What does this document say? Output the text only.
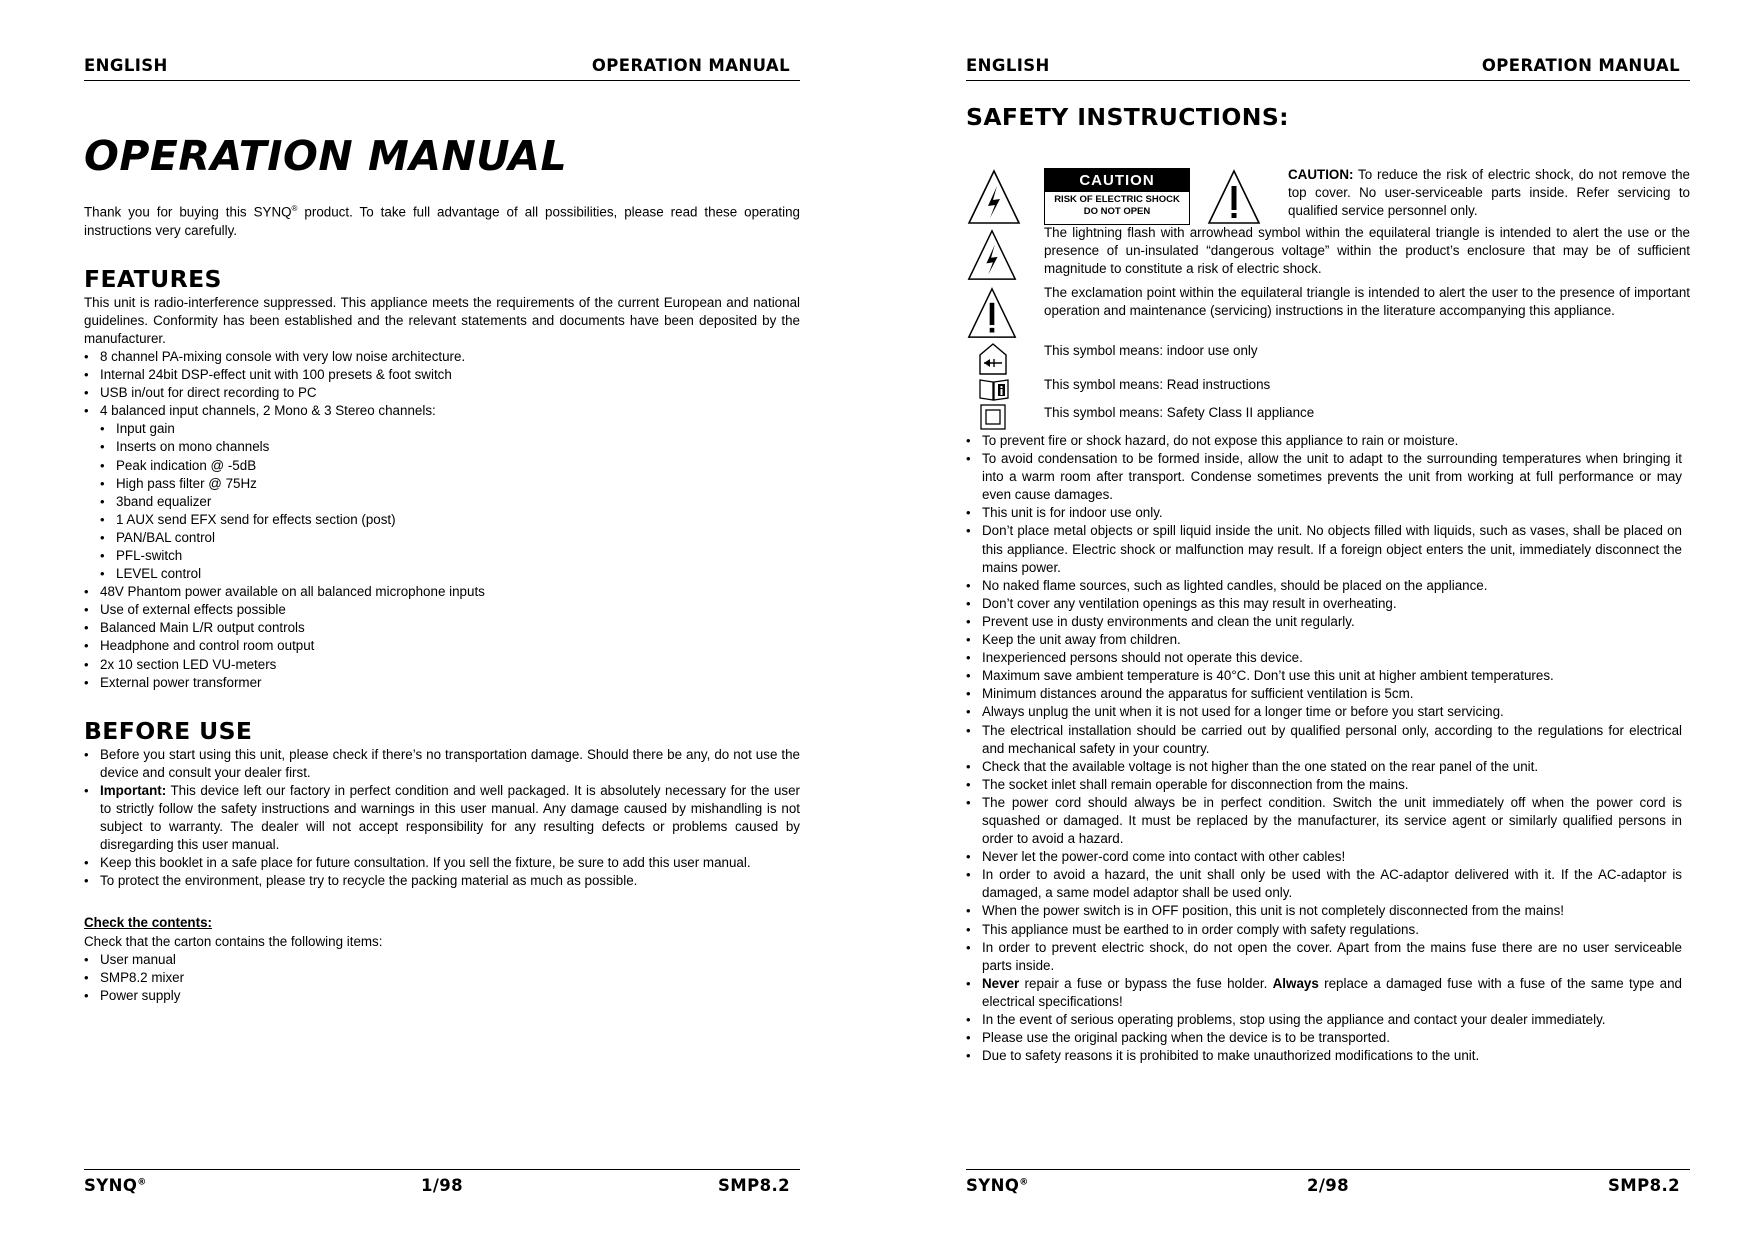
ENGLISH	OPERATION MANUAL
OPERATION MANUAL

Thank you for buying this SYNQ® product. To take full advantage of all possibilities, please read these operating instructions very carefully.

FEATURES

This unit is radio-interference suppressed. This appliance meets the requirements of the current European and national guidelines. Conformity has been established and the relevant statements and documents have been deposited by the manufacturer.

• 8 channel PA-mixing console with very low noise architecture.
• Internal 24bit DSP-effect unit with 100 presets & foot switch
• USB in/out for direct recording to PC
• 4 balanced input channels, 2 Mono & 3 Stereo channels:
• Input gain
• Inserts on mono channels
• Peak indication @ -5dB
• High pass filter @ 75Hz
• 3band equalizer
• 1 AUX send EFX send for effects section (post)
• PAN/BAL control
• PFL-switch
• LEVEL control
• 48V Phantom power available on all balanced microphone inputs
• Use of external effects possible
• Balanced Main L/R output controls
• Headphone and control room output
• 2x 10 section LED VU-meters
• External power transformer
BEFORE USE
• Before you start using this unit, please check if there’s no transportation damage. Should there be any, do not use the device and consult your dealer first.
• Important: This device left our factory in perfect condition and well packaged. It is absolutely necessary for the user to strictly follow the safety instructions and warnings in this user manual. Any damage caused by mishandling is not subject to warranty. The dealer will not accept responsibility for any resulting defects or problems caused by disregarding this user manual.
• Keep this booklet in a safe place for future consultation. If you sell the fixture, be sure to add this user manual.
• To protect the environment, please try to recycle the packing material as much as possible.
Check the contents:

Check that the carton contains the following items:

• User manual
• SMP8.2 mixer
• Power supply
SYNQ®	1/98	SMP8.2
ENGLISH	OPERATION MANUAL
SAFETY INSTRUCTIONS:
CAUTION
RISK OF ELECTRIC SHOCK
DO NOT OPEN

CAUTION: To reduce the risk of electric shock, do not remove the top cover. No user-serviceable parts inside. Refer servicing to qualified service personnel only.

The lightning flash with arrowhead symbol within the equilateral triangle is intended to alert the use or the presence of un-insulated “dangerous voltage” within the product’s enclosure that may be of sufficient magnitude to constitute a risk of electric shock.

The exclamation point within the equilateral triangle is intended to alert the user to the presence of important operation and maintenance (servicing) instructions in the literature accompanying this appliance.

This symbol means: indoor use only

This symbol means: Read instructions

This symbol means: Safety Class II appliance

• To prevent fire or shock hazard, do not expose this appliance to rain or moisture.
• To avoid condensation to be formed inside, allow the unit to adapt to the surrounding temperatures when bringing it into a warm room after transport. Condense sometimes prevents the unit from working at full performance or may even cause damages.
• This unit is for indoor use only.
• Don’t place metal objects or spill liquid inside the unit. No objects filled with liquids, such as vases, shall be placed on this appliance. Electric shock or malfunction may result. If a foreign object enters the unit, immediately disconnect the mains power.
• No naked flame sources, such as lighted candles, should be placed on the appliance.
• Don’t cover any ventilation openings as this may result in overheating.
• Prevent use in dusty environments and clean the unit regularly.
• Keep the unit away from children.
• Inexperienced persons should not operate this device.
• Maximum save ambient temperature is 40°C. Don’t use this unit at higher ambient temperatures.
• Minimum distances around the apparatus for sufficient ventilation is 5cm.
• Always unplug the unit when it is not used for a longer time or before you start servicing.
• The electrical installation should be carried out by qualified personal only, according to the regulations for electrical and mechanical safety in your country.
• Check that the available voltage is not higher than the one stated on the rear panel of the unit.
• The socket inlet shall remain operable for disconnection from the mains.
• The power cord should always be in perfect condition. Switch the unit immediately off when the power cord is squashed or damaged. It must be replaced by the manufacturer, its service agent or similarly qualified persons in order to avoid a hazard.
• Never let the power-cord come into contact with other cables!
• In order to avoid a hazard, the unit shall only be used with the AC-adaptor delivered with it. If the AC-adaptor is damaged, a same model adaptor shall be used only.
• When the power switch is in OFF position, this unit is not completely disconnected from the mains!
• This appliance must be earthed to in order comply with safety regulations.
• In order to prevent electric shock, do not open the cover. Apart from the mains fuse there are no user serviceable parts inside.
• Never repair a fuse or bypass the fuse holder. Always replace a damaged fuse with a fuse of the same type and electrical specifications!
• In the event of serious operating problems, stop using the appliance and contact your dealer immediately.
• Please use the original packing when the device is to be transported.
• Due to safety reasons it is prohibited to make unauthorized modifications to the unit.
SYNQ®	2/98	SMP8.2
